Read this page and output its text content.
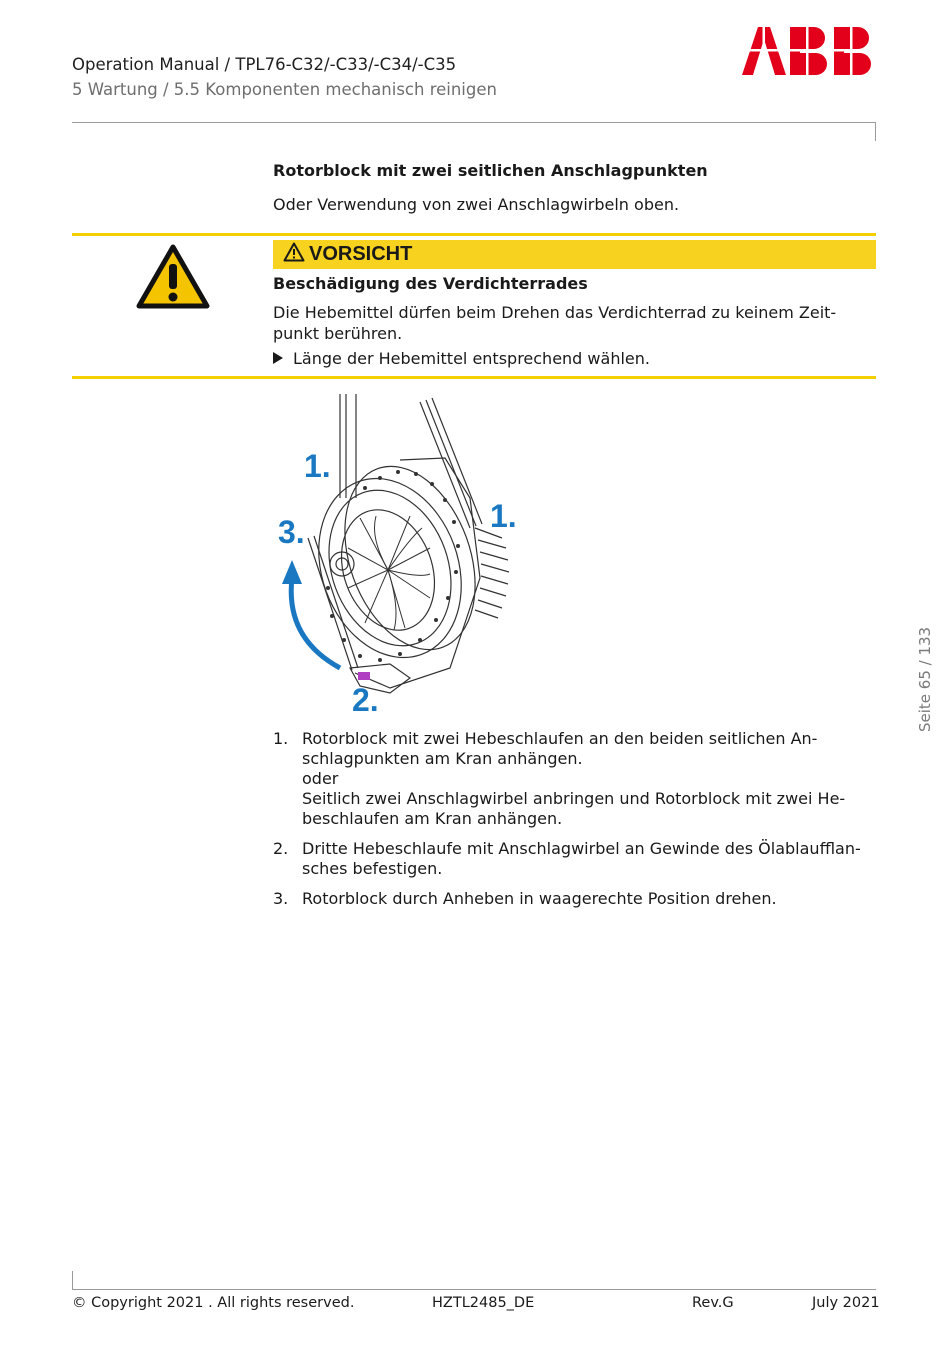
Operation Manual / TPL76-C32/-C33/-C34/-C35
5 Wartung / 5.5 Komponenten mechanisch reinigen
Rotorblock mit zwei seitlichen Anschlagpunkten
Oder Verwendung von zwei Anschlagwirbeln oben.
VORSICHT
Beschädigung des Verdichterrades
Die Hebemittel dürfen beim Drehen das Verdichterrad zu keinem Zeit-punkt berühren.
Länge der Hebemittel entsprechend wählen.
1.
1.
3.
2.
1. Rotorblock mit zwei Hebeschlaufen an den beiden seitlichen An-schlagpunkten am Kran anhängen.
oder
Seitlich zwei Anschlagwirbel anbringen und Rotorblock mit zwei He-beschlaufen am Kran anhängen.
2. Dritte Hebeschlaufe mit Anschlagwirbel an Gewinde des Ölablaufflan-sches befestigen.
3. Rotorblock durch Anheben in waagerechte Position drehen.
Seite 65 / 133
© Copyright 2021 . All rights reserved.	HZTL2485_DE	Rev.G	July 2021
